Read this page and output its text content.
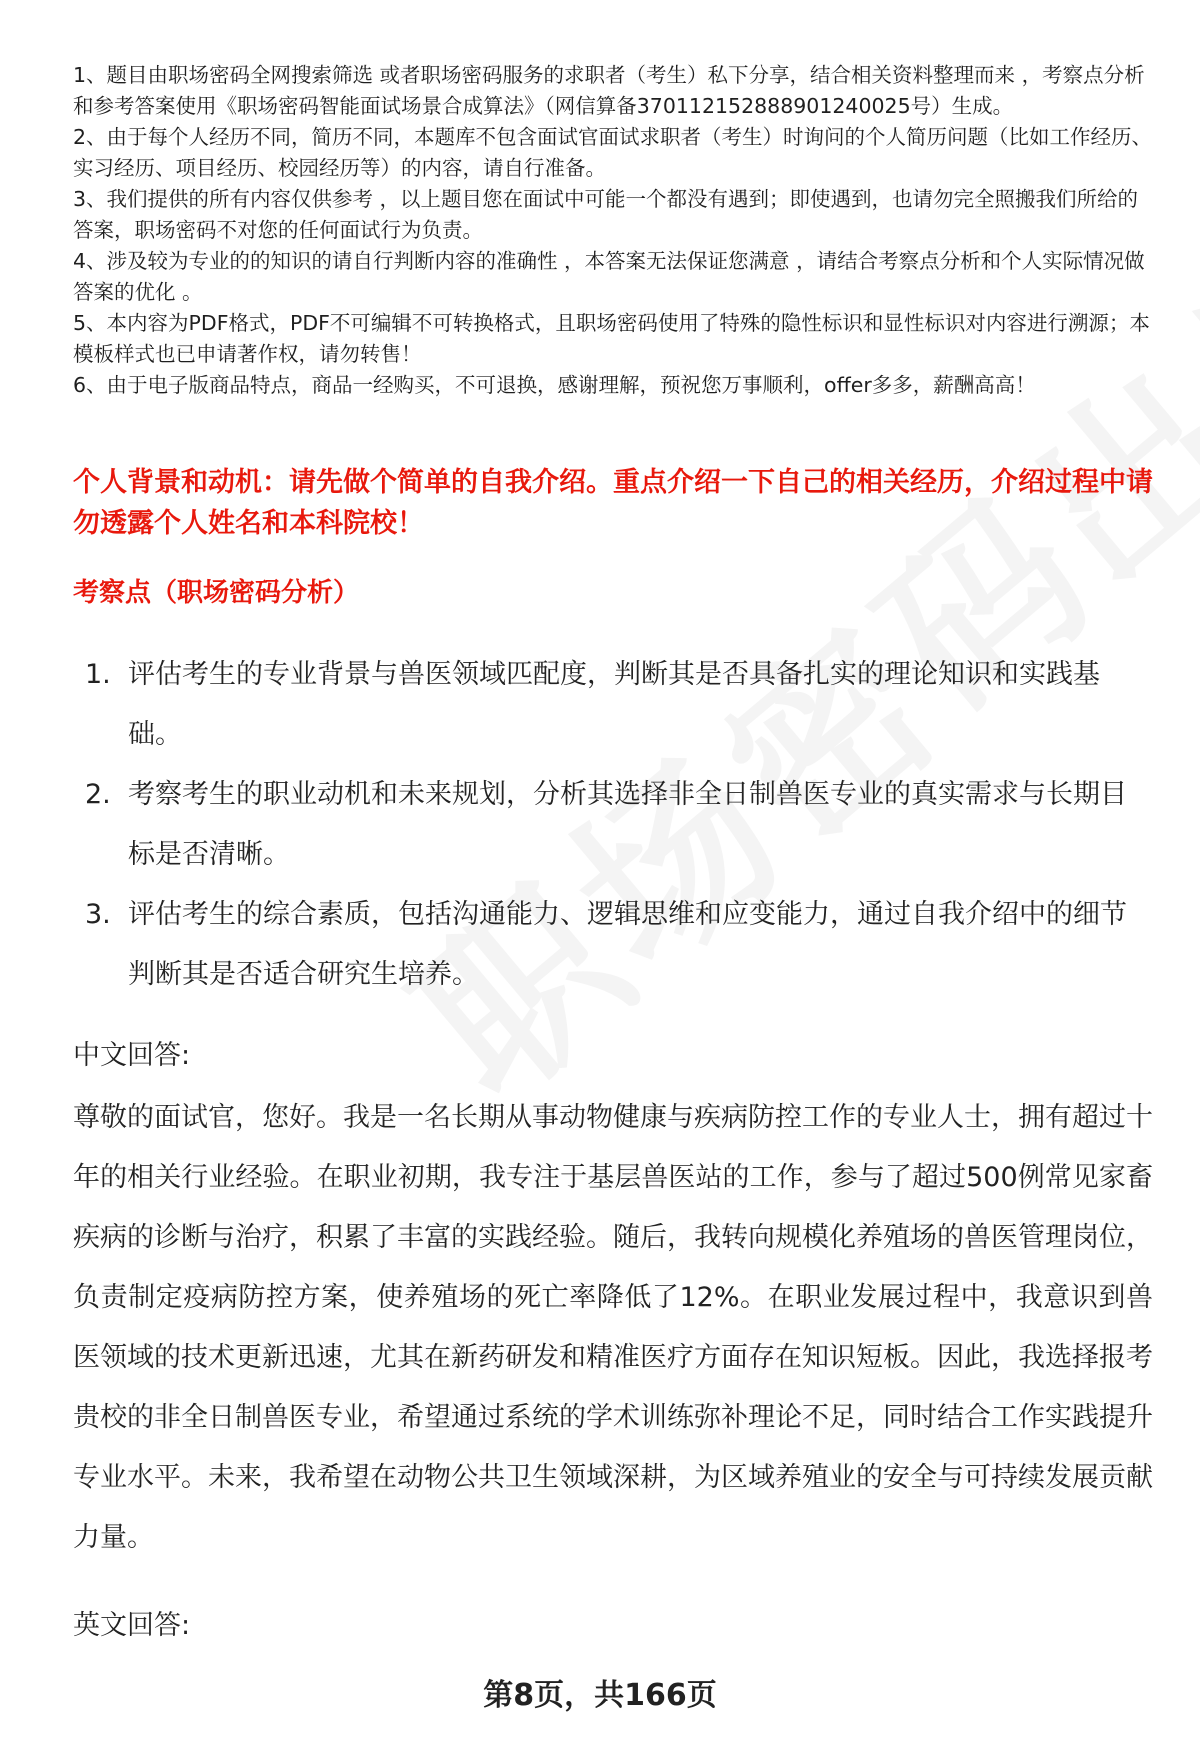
1、题目由职场密码全网搜索筛选 或者职场密码服务的求职者（考生）私下分享，结合相关资料整理而来 ，考察点分析和参考答案使用《职场密码智能面试场景合成算法》（网信算备370112152888901240025号）生成。

2、由于每个人经历不同，简历不同，本题库不包含面试官面试求职者（考生）时询问的个人简历问题（比如工作经历、实习经历、项目经历、校园经历等）的内容，请自行准备。

3、我们提供的所有内容仅供参考 ，以上题目您在面试中可能一个都没有遇到；即使遇到，也请勿完全照搬我们所给的答案，职场密码不对您的任何面试行为负责。

4、涉及较为专业的的知识的请自行判断内容的准确性 ，本答案无法保证您满意 ，请结合考察点分析和个人实际情况做答案的优化 。

5、本内容为PDF格式，PDF不可编辑不可转换格式，且职场密码使用了特殊的隐性标识和显性标识对内容进行溯源；本模板样式也已申请著作权，请勿转售！

6、由于电子版商品特点，商品一经购买，不可退换，感谢理解，预祝您万事顺利，offer多多，薪酬高高！

个人背景和动机：请先做个简单的自我介绍。重点介绍一下自己的相关经历，介绍过程中请勿透露个人姓名和本科院校！
考察点（职场密码分析）
1. 评估考生的专业背景与兽医领域匹配度，判断其是否具备扎实的理论知识和实践基础。
2. 考察考生的职业动机和未来规划，分析其选择非全日制兽医专业的真实需求与长期目标是否清晰。
3. 评估考生的综合素质，包括沟通能力、逻辑思维和应变能力，通过自我介绍中的细节判断其是否适合研究生培养。
中文回答:

尊敬的面试官，您好。我是一名长期从事动物健康与疾病防控工作的专业人士，拥有超过十年的相关行业经验。在职业初期，我专注于基层兽医站的工作，参与了超过500例常见家畜疾病的诊断与治疗，积累了丰富的实践经验。随后，我转向规模化养殖场的兽医管理岗位，负责制定疫病防控方案，使养殖场的死亡率降低了12%。在职业发展过程中，我意识到兽医领域的技术更新迅速，尤其在新药研发和精准医疗方面存在知识短板。因此，我选择报考贵校的非全日制兽医专业，希望通过系统的学术训练弥补理论不足，同时结合工作实践提升专业水平。未来，我希望在动物公共卫生领域深耕，为区域养殖业的安全与可持续发展贡献力量。

英文回答:
第8页，共166页
